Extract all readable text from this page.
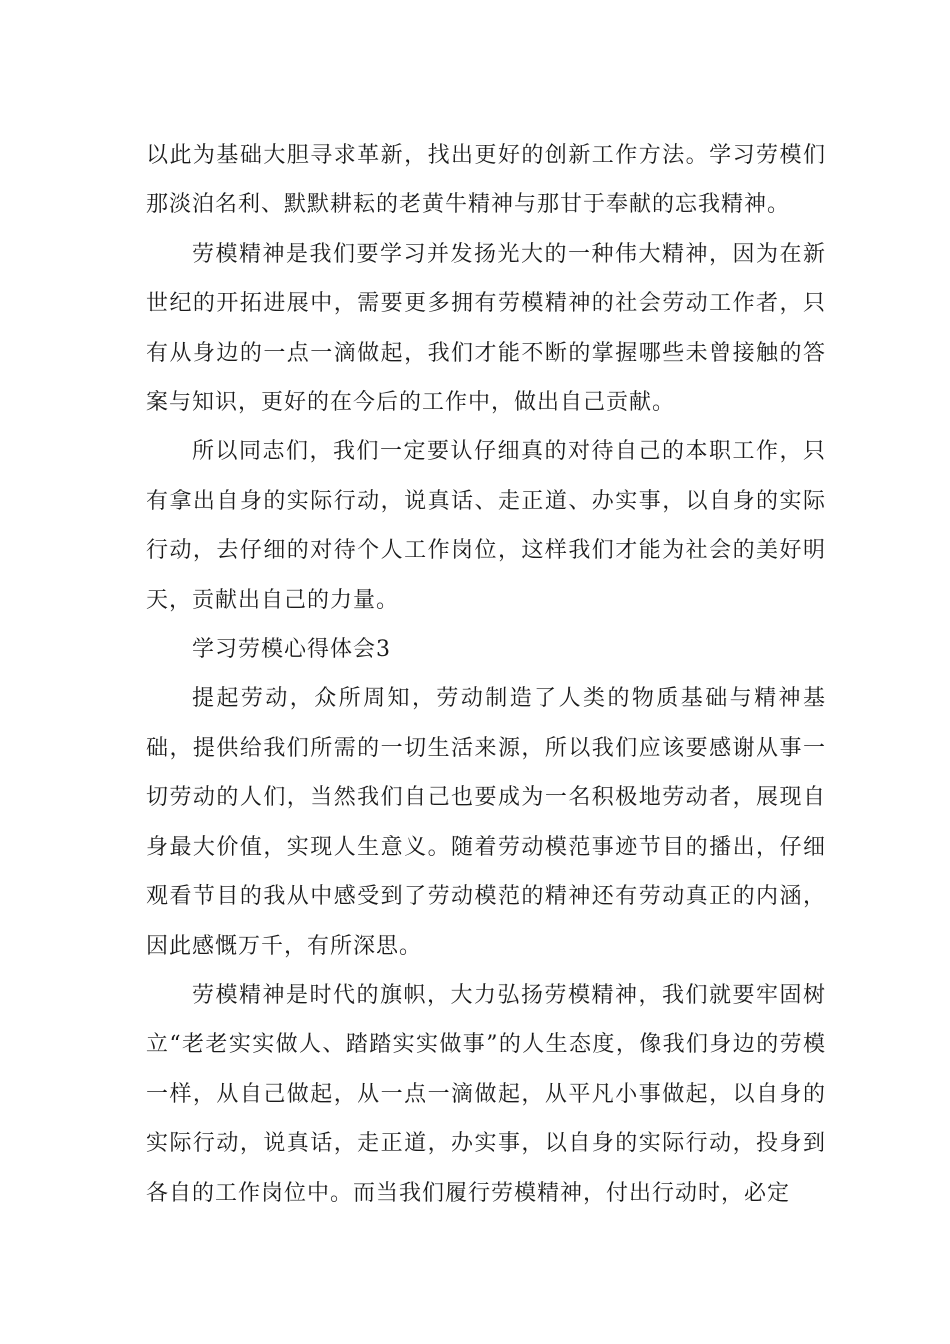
以此为基础大胆寻求革新，找出更好的创新工作方法。学习劳模们那淡泊名利、默默耕耘的老黄牛精神与那甘于奉献的忘我精神。

劳模精神是我们要学习并发扬光大的一种伟大精神，因为在新世纪的开拓进展中，需要更多拥有劳模精神的社会劳动工作者，只有从身边的一点一滴做起，我们才能不断的掌握哪些未曾接触的答案与知识，更好的在今后的工作中，做出自己贡献。

所以同志们，我们一定要认仔细真的对待自己的本职工作，只有拿出自身的实际行动，说真话、走正道、办实事，以自身的实际行动，去仔细的对待个人工作岗位，这样我们才能为社会的美好明天，贡献出自己的力量。

学习劳模心得体会3

提起劳动，众所周知，劳动制造了人类的物质基础与精神基础，提供给我们所需的一切生活来源，所以我们应该要感谢从事一切劳动的人们，当然我们自己也要成为一名积极地劳动者，展现自身最大价值，实现人生意义。随着劳动模范事迹节目的播出，仔细观看节目的我从中感受到了劳动模范的精神还有劳动真正的内涵，因此感慨万千，有所深思。

劳模精神是时代的旗帜，大力弘扬劳模精神，我们就要牢固树立“老老实实做人、踏踏实实做事”的人生态度，像我们身边的劳模一样，从自己做起，从一点一滴做起，从平凡小事做起，以自身的实际行动，说真话，走正道，办实事，以自身的实际行动，投身到各自的工作岗位中。而当我们履行劳模精神，付出行动时，必定
